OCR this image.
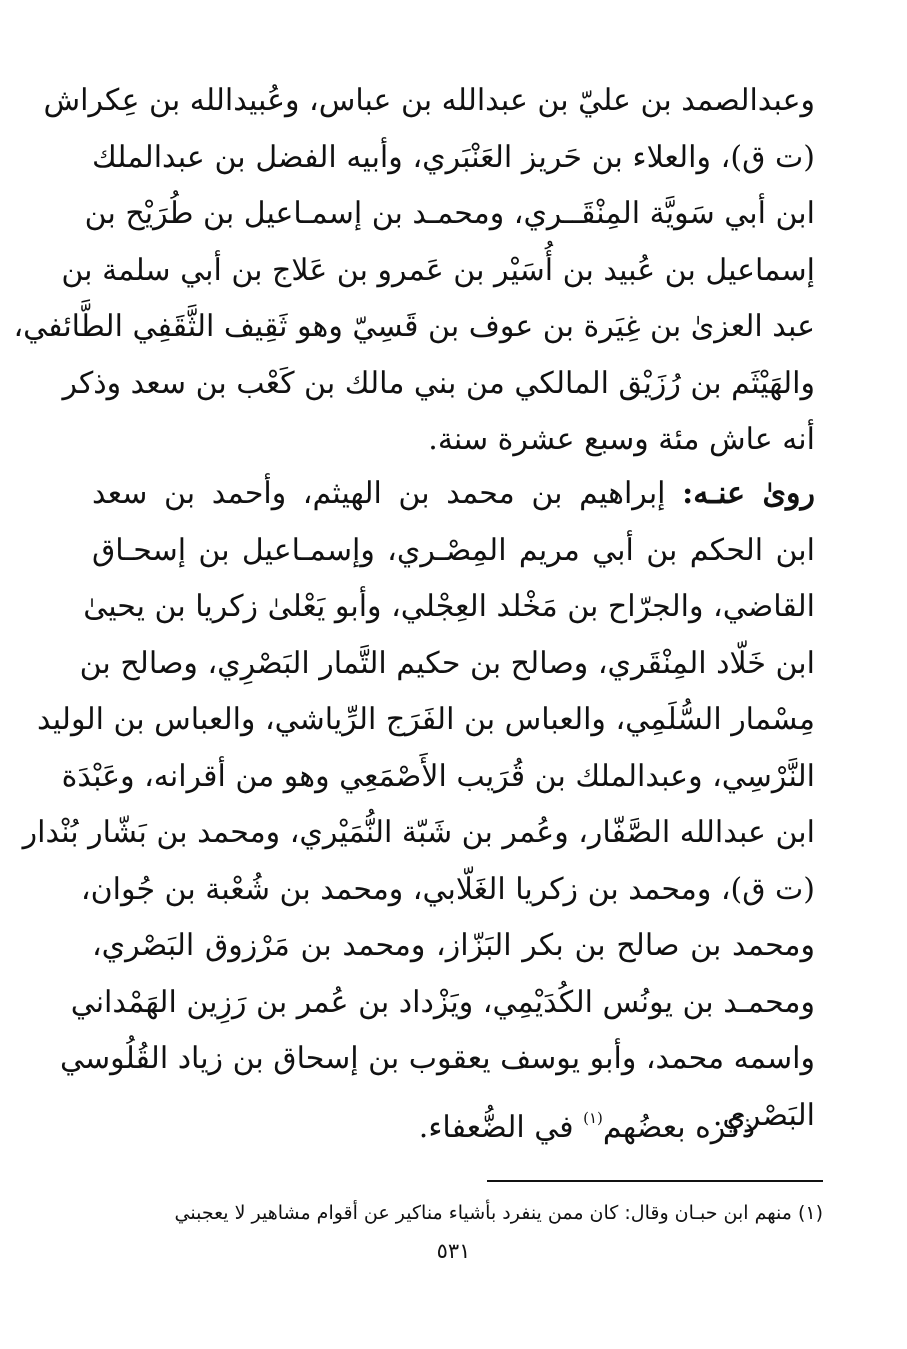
وعبدالصمد بن عليّ بن عبدالله بن عباس، وعُبيدالله بن عِكراش
(ت ق)، والعلاء بن حَريز العَنْبَري، وأبيه الفضل بن عبدالملك
ابن أبي سَويَّة المِنْقَــري، ومحمـد بن إسمـاعيل بن طُرَيْح بن
إسماعيل بن عُبيد بن أُسَيْر بن عَمرو بن عَلاج بن أبي سلمة بن
عبد العزىٰ بن غِيَرة بن عوف بن قَسِيّ وهو ثَقِيف الثَّقَفِي الطَّائفي،
والهَيْثَم بن رُزَيْق المالكي من بني مالك بن كَعْب بن سعد وذكر
أنه عاش مئة وسبع عشرة سنة.
روىٰ عنـه: إبراهيم بن محمد بن الهيثم، وأحمد بن سعد
ابن الحكم بن أبي مريم المِصْـري، وإسمـاعيل بن إسحـاق
القاضي، والجرّاح بن مَخْلد العِجْلي، وأبو يَعْلىٰ زكريا بن يحيىٰ
ابن خَلّاد المِنْقَري، وصالح بن حكيم التَّمار البَصْرِي، وصالح بن
مِسْمار السُّلَمِي، والعباس بن الفَرَج الرِّياشي، والعباس بن الوليد
النَّرْسِي، وعبدالملك بن قُرَيب الأَصْمَعِي وهو من أقرانه، وعَبْدَة
ابن عبدالله الصَّفّار، وعُمر بن شَبّة النُّمَيْري، ومحمد بن بَشّار بُنْدار
(ت ق)، ومحمد بن زكريا الغَلّابي، ومحمد بن شُعْبة بن جُوان،
ومحمد بن صالح بن بكر البَزّاز، ومحمد بن مَرْزوق البَصْري،
ومحمـد بن يونُس الكُدَيْمِي، ويَزْداد بن عُمر بن رَزِين الهَمْداني
واسمه محمد، وأبو يوسف يعقوب بن إسحاق بن زياد القُلُوسي
البَصْري.
ذكره بعضُهم$^{(١)}$ في الضُّعفاء.
(١) منهم ابن حبـان وقال: كان ممن ينفرد بأشياء مناكير عن أقوام مشاهير لا يعجبني
٥٣١
